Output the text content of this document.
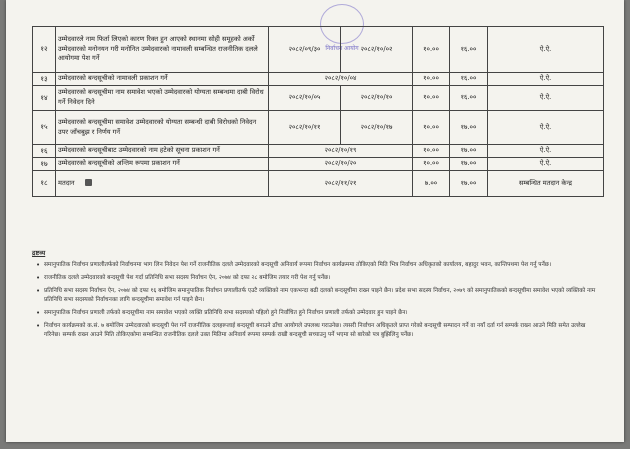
निर्वाचन आयोग
१२	उम्मेदवारले नाम फिर्ता लिएको कारण रिक्त हुन आएको स्थानमा सोही समूहको अर्को उम्मेदवारको मनोनयन गरी मनोनित उम्मेदवारको नामावली सम्बन्धित राजनीतिक दलले आयोगमा पेश गर्ने	२०८२/०९/३०	२०८२/१०/०२	१०.००	१६.००	ऐ.ऐ.
१३	उम्मेदवारको बन्दसूचीको नामावली प्रकाशन गर्ने	२०८२/१०/०४		१०.००	१६.००	ऐ.ऐ.
१४	उम्मेदवारको बन्दसूचीमा नाम समावेश भएको उम्मेदवारको योग्यता सम्बन्धमा दाबी विरोध गर्ने निवेदन दिने	२०८२/१०/०५	२०८२/१०/१०	१०.००	१६.००	ऐ.ऐ.
१५	उम्मेदवारको बन्दसूचीमा समावेश उम्मेदवारको योग्यता सम्बन्धी दाबी विरोधको निवेदन उपर जाँचबुझ र निर्णय गर्ने	२०८२/१०/११	२०८२/१०/१७	१०.००	१७.००	ऐ.ऐ.
१६	उम्मेदवारको बन्दसूचीबाट उम्मेदवारको नाम हटेको सूचना प्रकाशन गर्ने	२०८२/१०/१९		१०.००	१७.००	ऐ.ऐ.
१७	उम्मेदवारको बन्दसूचीको अन्तिम रूपमा प्रकाशन गर्ने	२०८२/१०/२०		१०.००	१७.००	ऐ.ऐ.
१८	मतदान	२०८२/११/२१		७.००	१७.००	सम्बन्धित मतदान केन्द्र
द्रष्टव्य
• समानुपातिक निर्वाचन प्रणालीतर्फको निर्वाचनमा भाग लिन निवेदन पेश गर्ने राजनीतिक दलले उम्मेदवारको बन्दसूची अनिवार्य रूपमा निर्वाचन कार्यक्रममा तोकिएको मिति भित्र निर्वाचन अधिकृतको कार्यालय, बहादुर भवन, कान्तिपथमा पेश गर्नु पर्नेछ।
• राजनीतिक दलले उम्मेदवारको बन्दसूची पेश गर्दा प्रतिनिधि सभा सदस्य निर्वाचन ऐन, २०७४ को दफा २८ बमोजिम तयार गरी पेश गर्नु पर्नेछ।
• प्रतिनिधि सभा सदस्य निर्वाचन ऐन, २०७४ को दफा १६ बमोजिम समानुपातिक निर्वाचन प्रणालीतर्फ एउटै व्यक्तिको नाम एकभन्दा बढी दलको बन्दसूचीमा राख्न पाइने छैन। प्रदेश सभा सदस्य निर्वाचन, २०७९ को समानुपातिकको बन्दसूचीमा समावेश भएको व्यक्तिको नाम प्रतिनिधि सभा सदस्यको निर्वाचनका लागि बन्दसूचीमा समावेश गर्न पाइने छैन।
• समानुपातिक निर्वाचन प्रणाली तर्फको बन्दसूचीमा नाम समावेश भएको व्यक्ति प्रतिनिधि सभा सदस्यको पहिलो हुने निर्वाचित हुने निर्वाचन प्रणाली तर्फको उम्मेदवार हुन पाइने छैन।
• निर्वाचन कार्यक्रमको क.सं. ७ बमोजिम उम्मेदवारको बन्दसूची पेश गर्ने राजनीतिक दलहरूलाई बन्दसूची बनाउने ढाँचा आयोगले उपलब्ध गराउनेछ। त्यसरी निर्वाचन अधिकृतले प्राप्त गरेको बन्दसूची सम्पादन गर्ने वा नयाँ दर्ता गर्न सम्पर्क राख्न आउने मिति समेत उल्लेख गरिनेछ। सम्पर्क राख्न आउने मिति तोकिएकोमा सम्बन्धित राजनीतिक दलले उक्त मितिमा अनिवार्य रूपमा सम्पर्क राखी बन्दसूची सच्याउनु पर्ने भएमा सो बारेको पत्र बुझिलिनु पर्नेछ।
